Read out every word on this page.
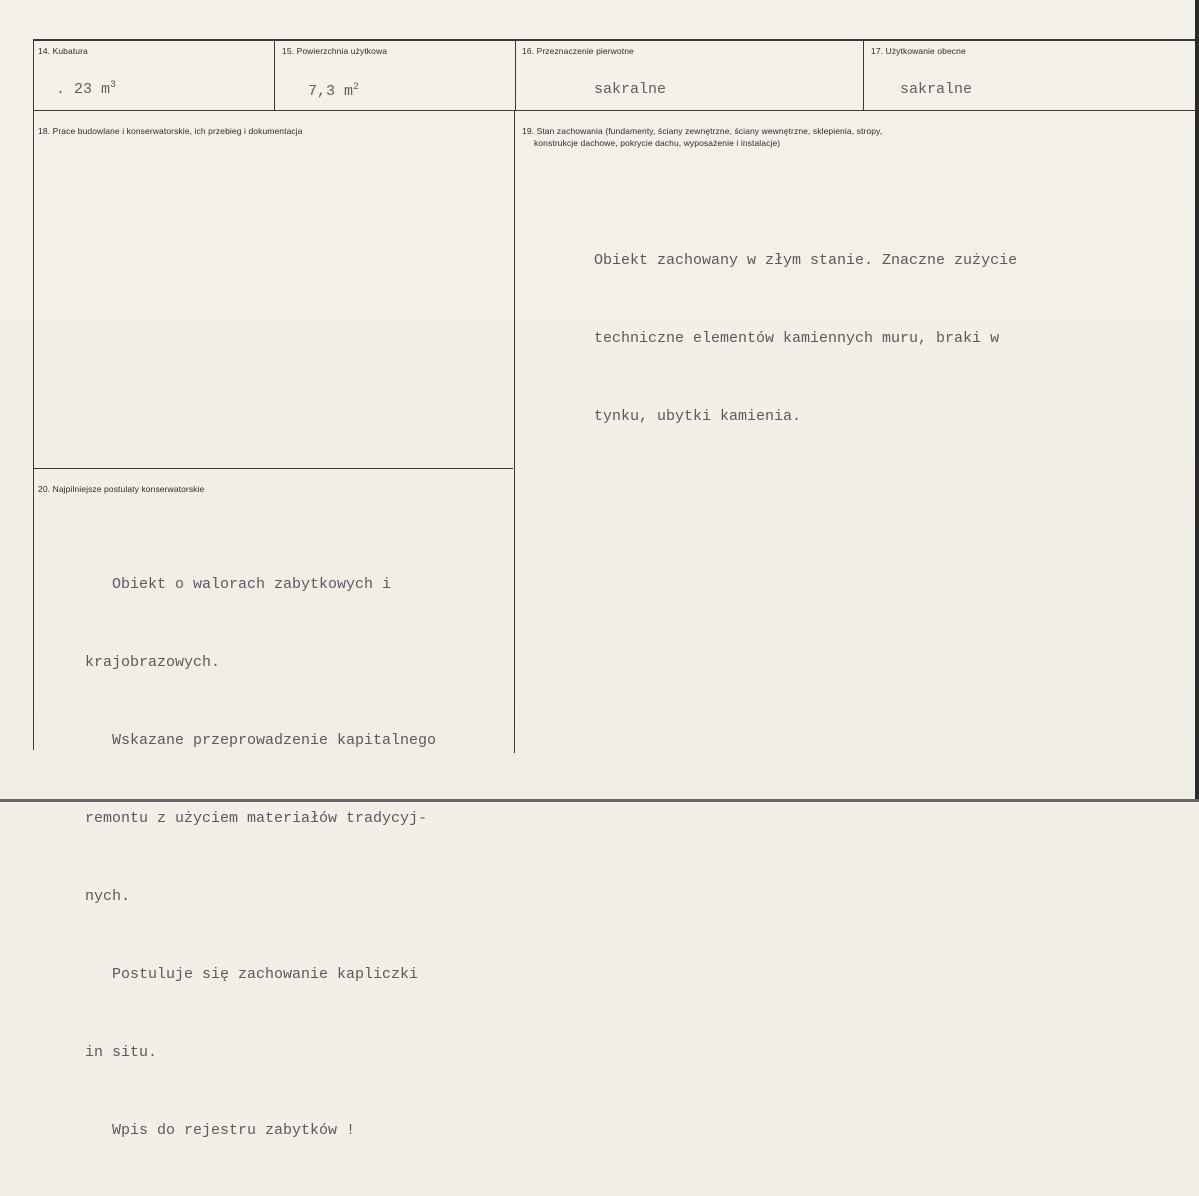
14. Kubatura
. 23 $m^3$
15. Powierzchnia użytkowa
7,3 $m^2$
16. Przeznaczenie pierwotne
sakralne
17. Użytkowanie obecne
sakralne
18. Prace budowlane i konserwatorskie, ich przebieg i dokumentacja	19. Stan zachowania (fundamenty, ściany zewnętrzne, ściany wewnętrzne, sklepienia, stropy,
konstrukcje dachowe, pokrycie dachu, wyposażenie i instalacje)

Obiekt zachowany w złym stanie. Znaczne zużycie

techniczne elementów kamiennych muru, braki w

tynku, ubytki kamienia.

20. Najpilniejsze postulaty konserwatorskie

Obiekt o walorach zabytkowych i

krajobrazowych.

Wskazane przeprowadzenie kapitalnego

remontu z użyciem materiałów tradycyj-

nych.

Postuluje się zachowanie kapliczki

in situ.

Wpis do rejestru zabytków !
